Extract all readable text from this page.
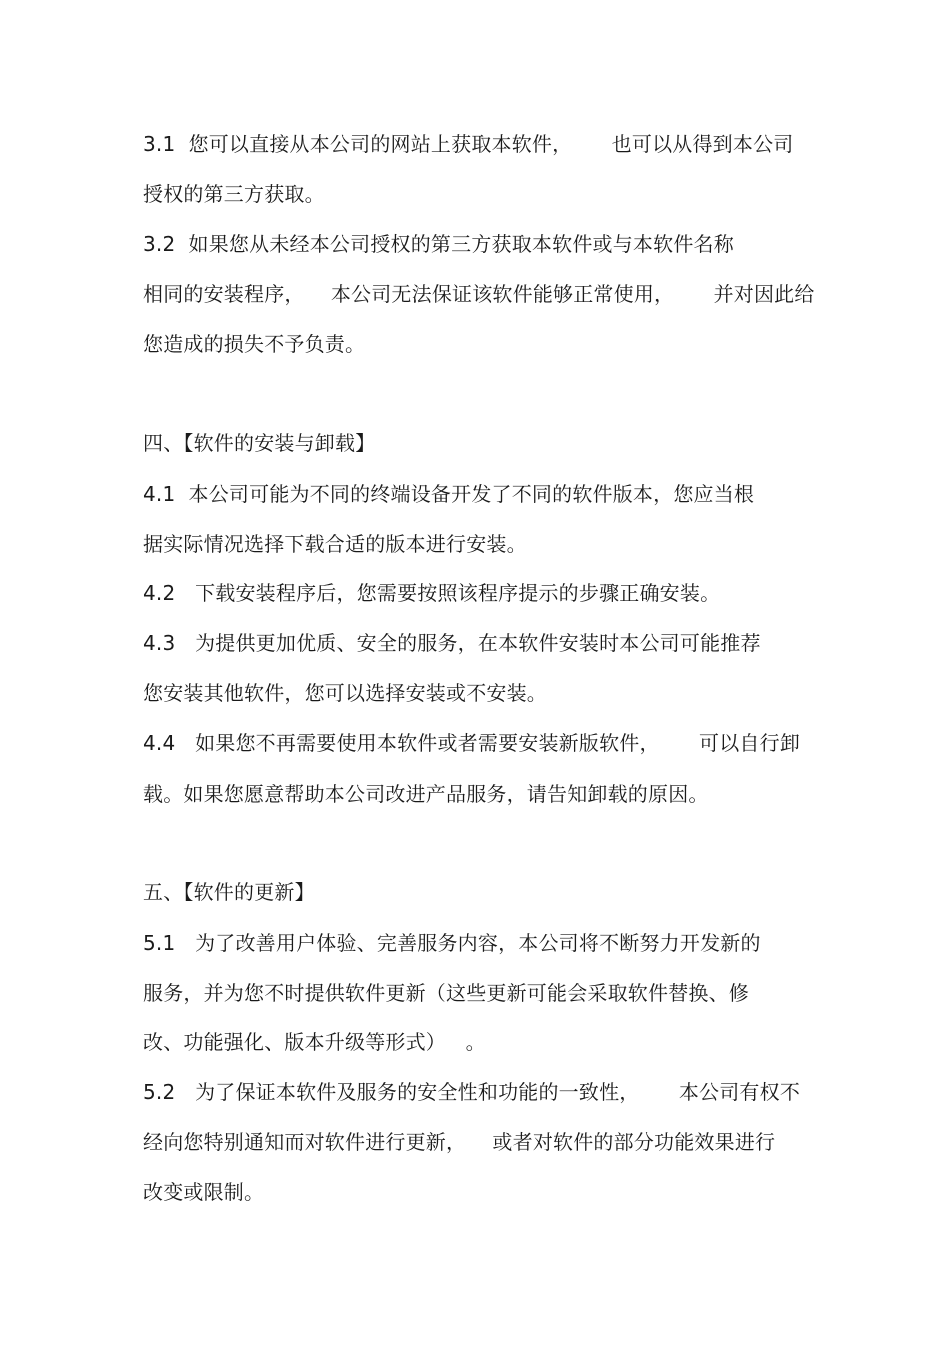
3.1  您可以直接从本公司的网站上获取本软件，      也可以从得到本公司
授权的第三方获取。
3.2  如果您从未经本公司授权的第三方获取本软件或与本软件名称
相同的安装程序，    本公司无法保证该软件能够正常使用，      并对因此给
您造成的损失不予负责。
四、【软件的安装与卸载】
4.1  本公司可能为不同的终端设备开发了不同的软件版本，您应当根
据实际情况选择下载合适的版本进行安装。
4.2   下载安装程序后，您需要按照该程序提示的步骤正确安装。
4.3   为提供更加优质、安全的服务，在本软件安装时本公司可能推荐
您安装其他软件，您可以选择安装或不安装。
4.4   如果您不再需要使用本软件或者需要安装新版软件，      可以自行卸
载。如果您愿意帮助本公司改进产品服务，请告知卸载的原因。
五、【软件的更新】
5.1   为了改善用户体验、完善服务内容，本公司将不断努力开发新的
服务，并为您不时提供软件更新（这些更新可能会采取软件替换、修
改、功能强化、版本升级等形式）   。
5.2   为了保证本软件及服务的安全性和功能的一致性，      本公司有权不
经向您特别通知而对软件进行更新，    或者对软件的部分功能效果进行
改变或限制。
